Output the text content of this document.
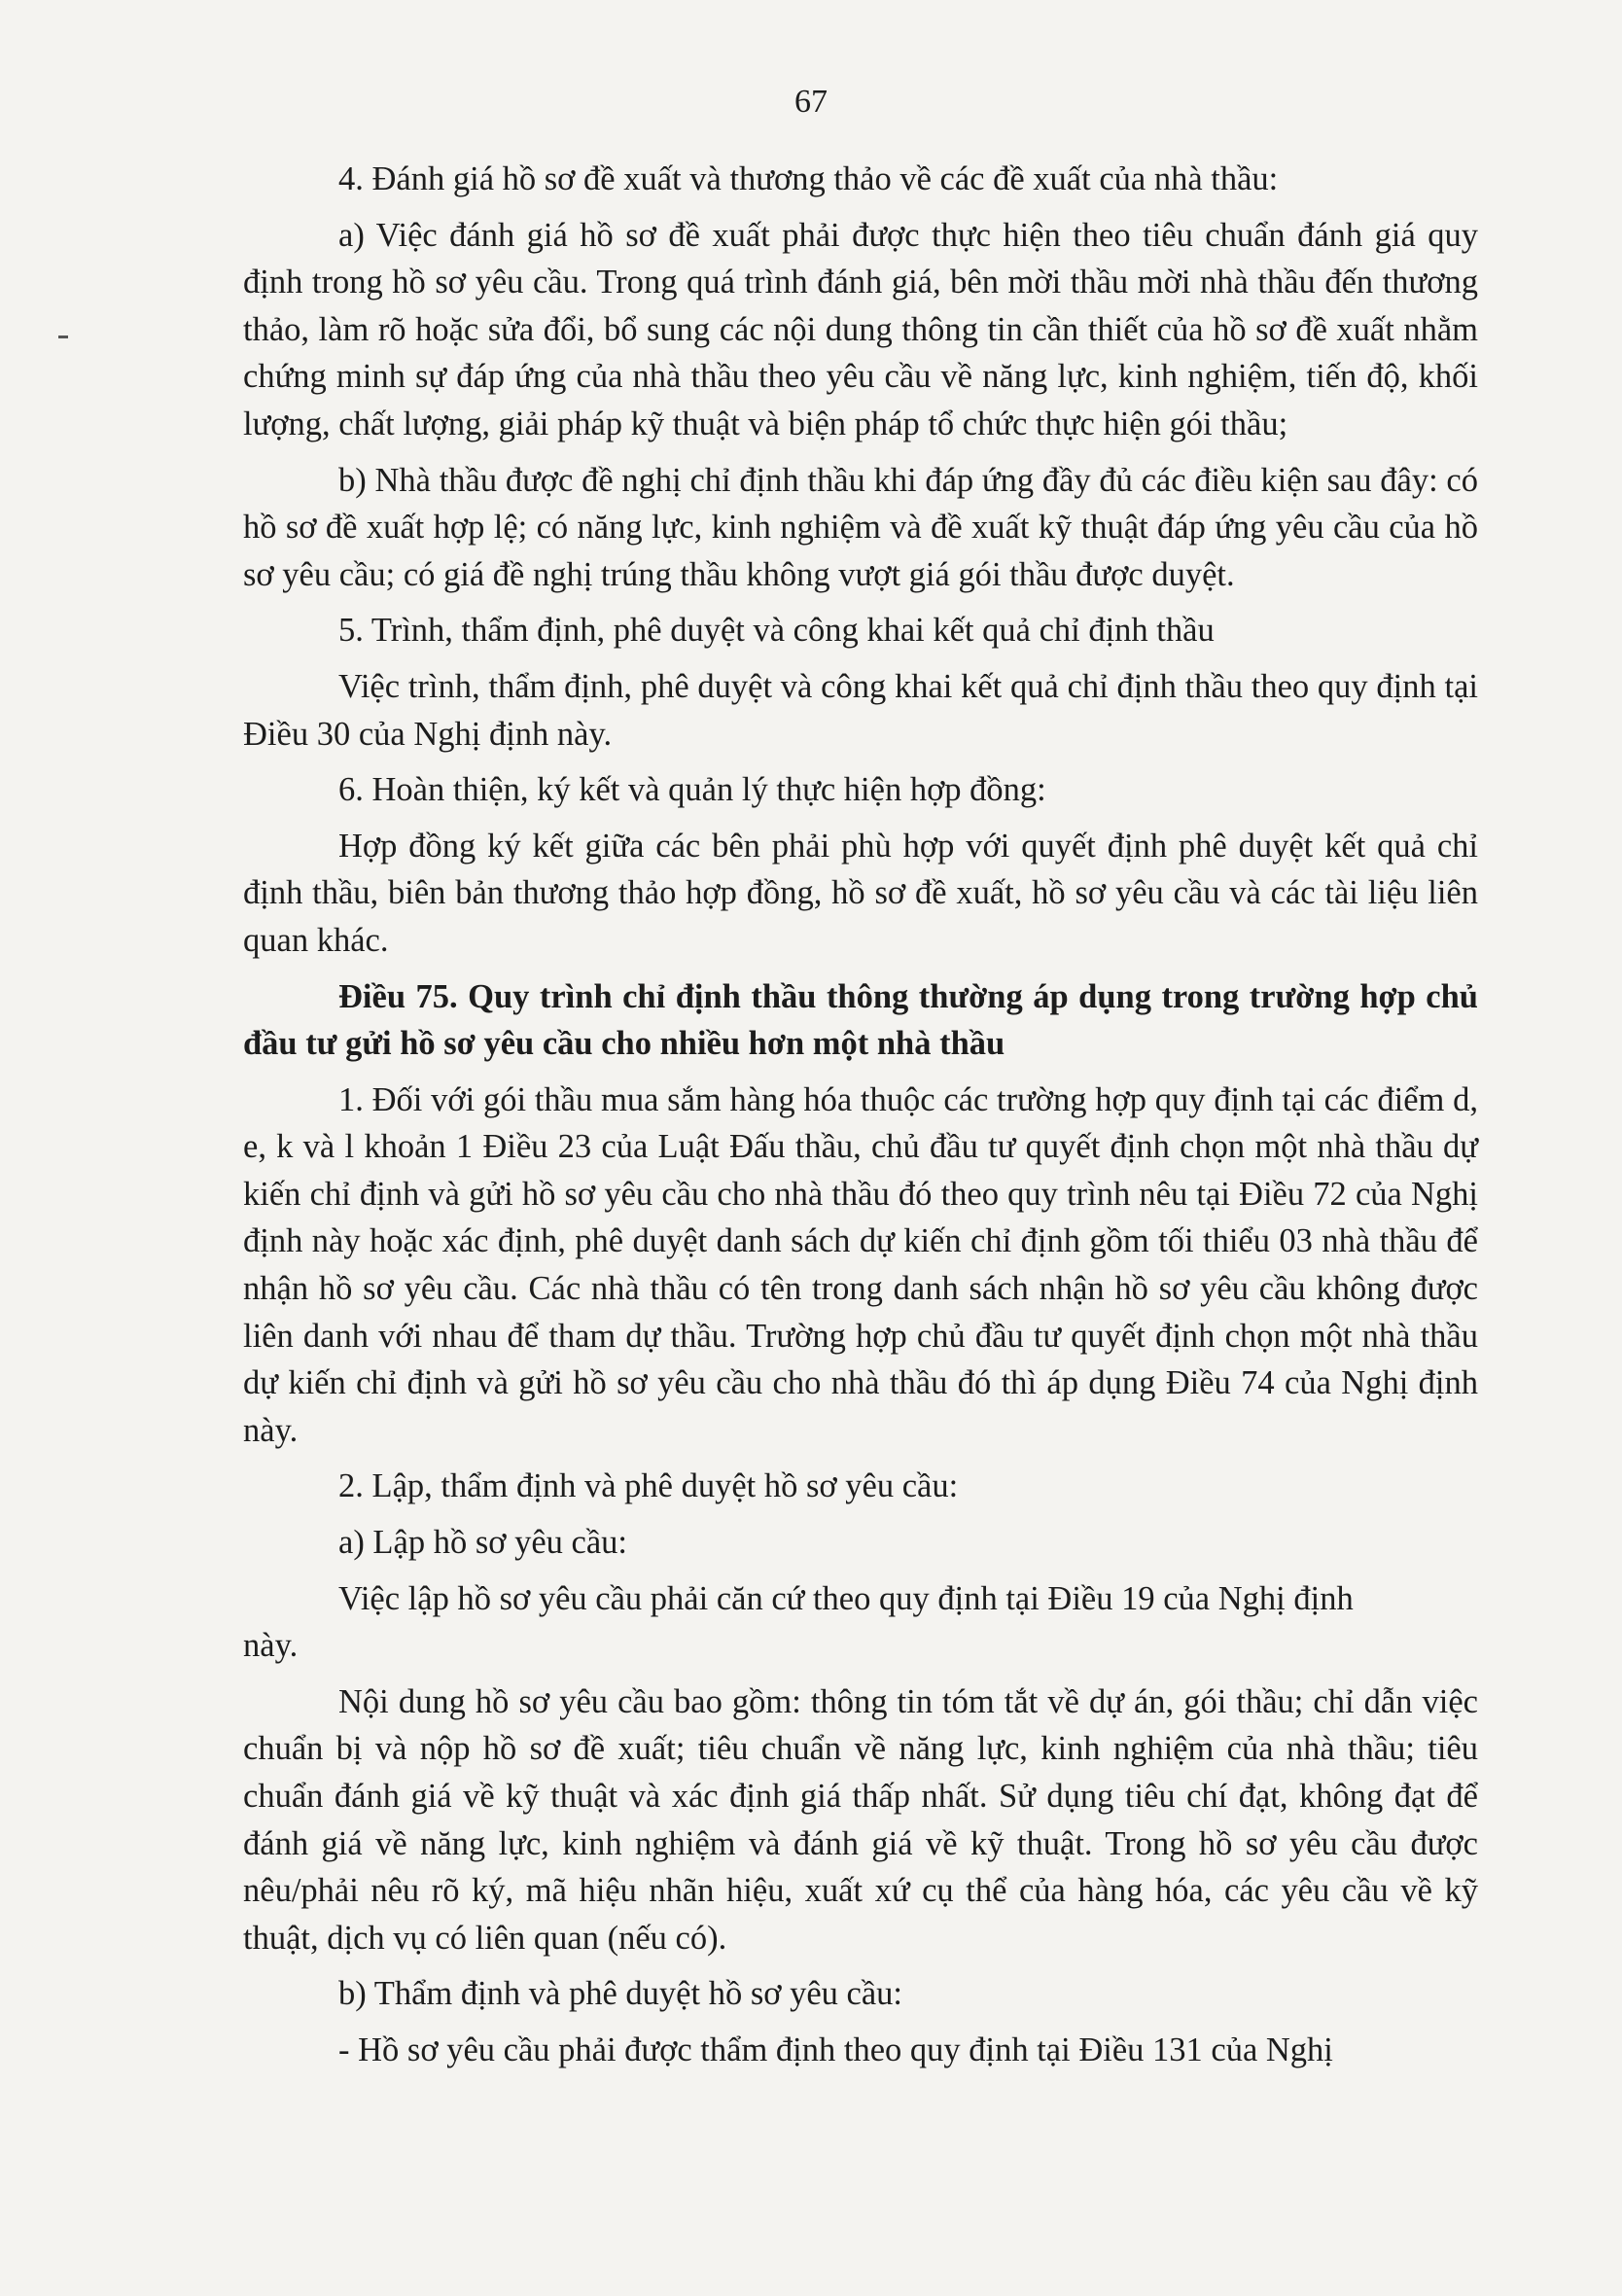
67

4. Đánh giá hồ sơ đề xuất và thương thảo về các đề xuất của nhà thầu:

a) Việc đánh giá hồ sơ đề xuất phải được thực hiện theo tiêu chuẩn đánh giá quy định trong hồ sơ yêu cầu. Trong quá trình đánh giá, bên mời thầu mời nhà thầu đến thương thảo, làm rõ hoặc sửa đổi, bổ sung các nội dung thông tin cần thiết của hồ sơ đề xuất nhằm chứng minh sự đáp ứng của nhà thầu theo yêu cầu về năng lực, kinh nghiệm, tiến độ, khối lượng, chất lượng, giải pháp kỹ thuật và biện pháp tổ chức thực hiện gói thầu;

b) Nhà thầu được đề nghị chỉ định thầu khi đáp ứng đầy đủ các điều kiện sau đây: có hồ sơ đề xuất hợp lệ; có năng lực, kinh nghiệm và đề xuất kỹ thuật đáp ứng yêu cầu của hồ sơ yêu cầu; có giá đề nghị trúng thầu không vượt giá gói thầu được duyệt.

5. Trình, thẩm định, phê duyệt và công khai kết quả chỉ định thầu

Việc trình, thẩm định, phê duyệt và công khai kết quả chỉ định thầu theo quy định tại Điều 30 của Nghị định này.

6. Hoàn thiện, ký kết và quản lý thực hiện hợp đồng:

Hợp đồng ký kết giữa các bên phải phù hợp với quyết định phê duyệt kết quả chỉ định thầu, biên bản thương thảo hợp đồng, hồ sơ đề xuất, hồ sơ yêu cầu và các tài liệu liên quan khác.

Điều 75. Quy trình chỉ định thầu thông thường áp dụng trong trường hợp chủ đầu tư gửi hồ sơ yêu cầu cho nhiều hơn một nhà thầu

1. Đối với gói thầu mua sắm hàng hóa thuộc các trường hợp quy định tại các điểm d, e, k và l khoản 1 Điều 23 của Luật Đấu thầu, chủ đầu tư quyết định chọn một nhà thầu dự kiến chỉ định và gửi hồ sơ yêu cầu cho nhà thầu đó theo quy trình nêu tại Điều 72 của Nghị định này hoặc xác định, phê duyệt danh sách dự kiến chỉ định gồm tối thiểu 03 nhà thầu để nhận hồ sơ yêu cầu. Các nhà thầu có tên trong danh sách nhận hồ sơ yêu cầu không được liên danh với nhau để tham dự thầu. Trường hợp chủ đầu tư quyết định chọn một nhà thầu dự kiến chỉ định và gửi hồ sơ yêu cầu cho nhà thầu đó thì áp dụng Điều 74 của Nghị định này.

2. Lập, thẩm định và phê duyệt hồ sơ yêu cầu:

a) Lập hồ sơ yêu cầu:

Việc lập hồ sơ yêu cầu phải căn cứ theo quy định tại Điều 19 của Nghị định

này.

Nội dung hồ sơ yêu cầu bao gồm: thông tin tóm tắt về dự án, gói thầu; chỉ dẫn việc chuẩn bị và nộp hồ sơ đề xuất; tiêu chuẩn về năng lực, kinh nghiệm của nhà thầu; tiêu chuẩn đánh giá về kỹ thuật và xác định giá thấp nhất. Sử dụng tiêu chí đạt, không đạt để đánh giá về năng lực, kinh nghiệm và đánh giá về kỹ thuật. Trong hồ sơ yêu cầu được nêu/phải nêu rõ ký, mã hiệu nhãn hiệu, xuất xứ cụ thể của hàng hóa, các yêu cầu về kỹ thuật, dịch vụ có liên quan (nếu có).

b) Thẩm định và phê duyệt hồ sơ yêu cầu:

- Hồ sơ yêu cầu phải được thẩm định theo quy định tại Điều 131 của Nghị
